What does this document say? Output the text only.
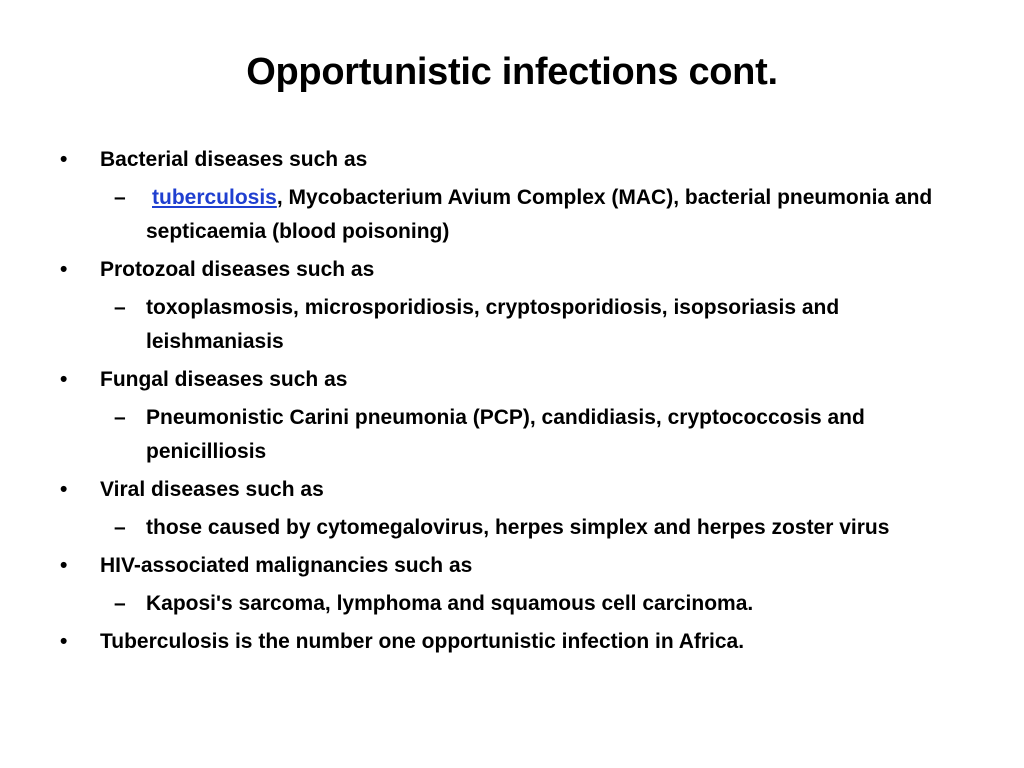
Opportunistic infections cont.
•	Bacterial diseases such as
–	tuberculosis, Mycobacterium Avium Complex (MAC), bacterial pneumonia and septicaemia (blood poisoning)
•	Protozoal diseases such as
– toxoplasmosis, microsporidiosis, cryptosporidiosis, isopsoriasis and leishmaniasis
•	Fungal diseases such as
– Pneumonistic Carini pneumonia (PCP), candidiasis, cryptococcosis and penicilliosis
•	Viral diseases such as
– those caused by cytomegalovirus, herpes simplex and herpes zoster virus
•	HIV-associated malignancies such as
– Kaposi's sarcoma, lymphoma and squamous cell carcinoma.
•	Tuberculosis is the number one opportunistic infection in Africa.
